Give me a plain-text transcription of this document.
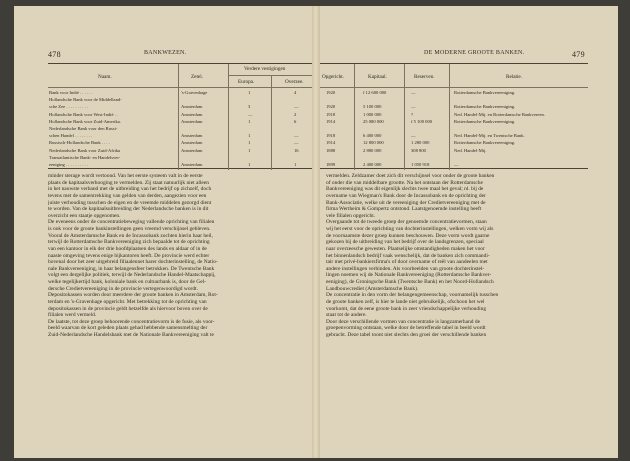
478	BANKWEZEN.
Naam.	Zetel.
Verdere vestigingen
Europa.	Overzee.
Bank voor Indië . . . . . .	's-Gravenhage	1	4
Hollandsche Bank voor de Middelland-
sche Zee . . . . . . . . . .	Amsterdam	3	—
Hollandsche Bank voor West-Indië . .	Amsterdam	—	2
Hollandsche Bank voor Zuid-Amerika.	Amsterdam	1	6
Nederlandsche Bank voor den Russi-
schen Handel . . . . . . . .	Amsterdam	1	—
Russisch-Hollandsche Bank . . . .	Amsterdam	1	—
Nederlandsche Bank voor Zuid-Afrika	Amsterdam	1	16
Transatlantische Bank- en Handelsver-
eeniging . . . . . . . . . .	Amsterdam	1	1
minder sterage wordt vertoond. Van het eerste systeem valt in de eerste
plaats de kapitaalsverhooging te vermelden. Zij staat natuurlijk niet alleen
in het nauwste verband met de uitbreiding van het bedrijf op zichzelf, doch
tevens met de samentrekking van gelden van derden, aangezien voor een
juiste verhouding tusschen de eigen en de vreemde middelen gezorgd dient
te worden. Van de kapitaalsuitbreiding der Nederlandsche banken is in dit
overzicht een staatje opgenomen.
De eveneens onder de concentratiebeweging vallende oprichting van filialen
is ook voor de groote bankinstellingen geen vreemd verschijnsel gebleven.
Vooral de Amsterdamsche Bank en de Incassobank zochten hierin haar heil,
terwijl de Rotterdamsche Bankvereeniging zich bepaalde tot de oprichting
van een kantoor in elk der drie hoofdplaatsen des lands en aldaar of in de
naaste omgeving tevens enige bijkantoren heeft. De provincie werd echter
bovenal door het zeer uitgebreid filiaalennet harer dochterinstelling, de Natio-
nale Bankvereeniging, in haar belangensfeer betrokken. De Twentsche Bank
volgt een dergelijke politiek, terwijl de Nederlandsche Handel-Maatschappij,
welke tegelijkertijd bank, koloniale bank en cultuurbank is, door de Gel-
dersche Credietvereeniging in de provincie vertegenwoordigd wordt.
Depositokassen worden door meerdere der groote banken in Amsterdam, Rot-
terdam en 's-Gravenhage opgericht. Met betrekking tot de oprichting van
depositokassen in de provincie geldt hetzelfde als hiervoor boven over de
filialen werd vermeld.
De laatste, tot deze groep behoorende concentratievorm is de fusie, als voor-
beeld waarvan de kort geleden plaats gehad hebbende samensmelting der
Zuid-Nederlandsche Handelsbank met de Nationale Bankvereeniging valt te
DE MODERNE GROOTE BANKEN.	479
Opgericht.	Kapitaal.	Reserven.	Relatie.
1920	f 12 600 000	—	Rotterdamsche Bankvereeniging.
1920	5 100 000	—	Rotterdamsche Bankvereeniging.
1918	1 000 000	?	Ned. Handel-Mij. en Rotterdamsche Bankvereen.
1914	25 080 000	f 5 100 000	Rotterdamsche Bankvereeniging.
1918	6 400 000	—	Ned. Handel-Mij. en Twentsche Bank.
1914	12 800 000	1 280 000	Rotterdamsche Bankvereeniging.
1888	2 880 000	308 800	Ned. Handel-Mij.
1899	2 400 000	1 050 918	—
vermelden. Zeldzamer doet zich dit verschijnsel voor onder de groote banken
of onder die van middelbare grootte. Na het ontstaan der Rotterdamsche
Bankvereeniging was dit eigenlijk slechts twee maal het geval; nl. bij de
overname van Wiegman's Bank door de Incassobank en de oprichting der
Bank-Associatie, welke uit de vereeniging der Credietvereeniging met de
firma Wertheim & Gompertz ontstond. Laatstgenoemde instelling heeft
vele filialen opgericht.
Overgaande tot de tweede groep der genoemde concentratievormen, staan
wij het eerst voor de oprichting van dochterinstellingen, welken vorm wij als
de voornaamste dezer groep kunnen beschouwen. Deze vorm wordt gaarne
gekozen bij de uitbreiding van het bedrijf over de landsgrenzen, speciaal
naar overzeesche gewesten. Plaatselijke omstandigheden maken het voor
het binnenlandsch bedrijf vaak wenschelijk, dat de banken zich commandi-
tair met privé-bankiersfirma's of door overname of reël van aandeelen met
andere instellingen verbinden. Als voorbeelden van groote dochterinstel-
lingen noemen wij de Nationale Bankvereeniging (Rotterdamsche Bankver-
eeniging), de Groningsche Bank (Twentsche Bank) en het Noord-Hollandsch
Landbouwcrediet (Amsterdamsche Bank).
De concentratie in den vorm der belangengemeenschap, voornamelijk tusschen
de groote banken zelf, is hier te lande niet gebruikelijk, ofschoon het wel
voorkomt, dat de eene groote bank in zeer vriendschappelijke verhouding
staat tot de andere.
Door deze verschillende vormen van concentratie is langzamerhand de
groepenvorming ontstaan, welke door de betreffende tabel in beeld wordt
gebracht. Deze tabel toont niet slechts den groei der verschillende banken
